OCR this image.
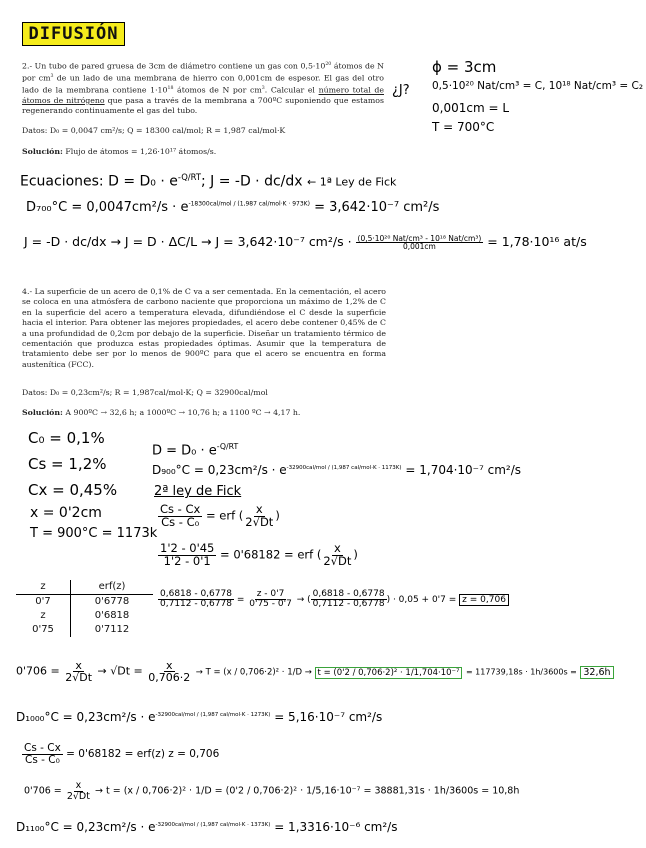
DIFUSIÓN
2.- Un tubo de pared gruesa de 3cm de diámetro contiene un gas con $0,5\cdot 10^{20}$ átomos de N por $cm^3$ de un lado de una membrana de hierro con 0,001cm de espesor. El gas del otro lado de la membrana contiene $1\cdot 10^{18}$ átomos de N por $cm^3$. Calcular el número total de átomos de nitrógeno que pasa a través de la membrana a 700ºC suponiendo que estamos regenerando continuamente el gas del tubo.
¿J?
ϕ = 3cm
0,5·10²⁰ Nat/cm³ = C, 10¹⁸ Nat/cm³ = C₂
0,001cm = L
T = 700°C
Datos: D₀ = 0,0047 cm²/s; Q = 18300 cal/mol; R = 1,987 cal/mol·K
Solución: Flujo de átomos = 1,26·10¹⁷ átomos/s.
Ecuaciones: $D = D_0 \cdot e^{-Q/RT}$; J = -D · dc/dx ← 1ª Ley de Fick
$D_{700}^\circ C = 0,0047cm^2/s \cdot e^{-18300cal/mol / (1,987 cal/mol\cdot K \cdot 973K)} = 3,642\cdot 10^{-7}$ cm²/s
J = -D · dc/dx → J = D · ΔC/L → J = 3,642·10⁻⁷ $cm^2/s \cdot \frac{\text{(0,5·10²⁰ Nat/cm³ - 10¹⁸ Nat/cm³)}}{0,001cm} = 1,78\cdot 10^{16}$ at/s
4.- La superficie de un acero de 0,1% de C va a ser cementada. En la cementación, el acero se coloca en una atmósfera de carbono naciente que proporciona un máximo de 1,2% de C en la superficie del acero a temperatura elevada, difundiéndose el C desde la superficie hacia el interior. Para obtener las mejores propiedades, el acero debe contener 0,45% de C a una profundidad de 0,2cm por debajo de la superficie. Diseñar un tratamiento térmico de cementación que produzca estas propiedades óptimas. Asumir que la temperatura de tratamiento debe ser por lo menos de 900ºC para que el acero se encuentra en forma austenítica (FCC).
Datos: D₀ = 0,23cm²/s; R = 1,987cal/mol·K; Q = 32900cal/mol
Solución: A 900ºC → 32,6 h; a 1000ºC → 10,76 h; a 1100 ºC → 4,17 h.
C₀ = 0,1%
Cs = 1,2%
Cx = 0,45%
x = 0'2cm
T = 900°C = 1173k
$D = D_0 \cdot e^{-Q/RT}$
$D_{900}^\circ C = 0,23cm^2/s \cdot e^{-32900cal/mol / (1,987 cal/mol\cdot K \cdot 1173K)} = 1,704\cdot 10^{-7}$ cm²/s
2ª ley de Fick
$\frac{Cs - Cx}{\text{Cs - C₀}}$ = erf ( $\frac{x}{2√Dt}$ )
$\frac{1'2 - 0'45}{1'2 - 0'1} = 0'68182$ = erf ( $\frac{x}{2√Dt}$ )
z	erf(z)
0'7	0'6778
z	0'6818
0'75	0'7112
$\frac{0,6818 - 0,6778}{0,7112 - 0,6778} = \frac{z - 0'7}{0'75 - 0'7}$ → ( $\frac{0,6818 - 0,6778}{0,7112 - 0,6778}$ ) · 0,05 + 0'7 = z = 0,706
$0'706 = \frac{x}{2√Dt} \to √Dt = \frac{x}{0,706\cdot 2} \to T = (x / 0,706\cdot 2)^2 \cdot 1/D \to t = (0'2 / 0,706\cdot 2)^2 \cdot 1/1,704\cdot 10^{-7} = 117739,18s \cdot 1h/3600s = 32,6h$
$D_{1000}^\circ C = 0,23cm^2/s \cdot e^{-32900cal/mol / (1,987 cal/mol\cdot K \cdot 1273K)} = 5,16\cdot 10^{-7}$ cm²/s
$\frac{Cs - Cx}{\text{Cs - C₀}} = 0'68182 = erf(z) z = 0,706$
$0'706 = \frac{x}{2√Dt} \to t = (x / 0,706\cdot 2)^2 \cdot 1/D = (0'2 / 0,706\cdot 2)^2 \cdot 1/5,16\cdot 10^{-7} = 38881,31s \cdot 1h/3600s = 10,8h$
$D_{1100}^\circ C = 0,23cm^2/s \cdot e^{-32900cal/mol / (1,987 cal/mol\cdot K \cdot 1373K)} = 1,3316\cdot 10^{-6}$ cm²/s
